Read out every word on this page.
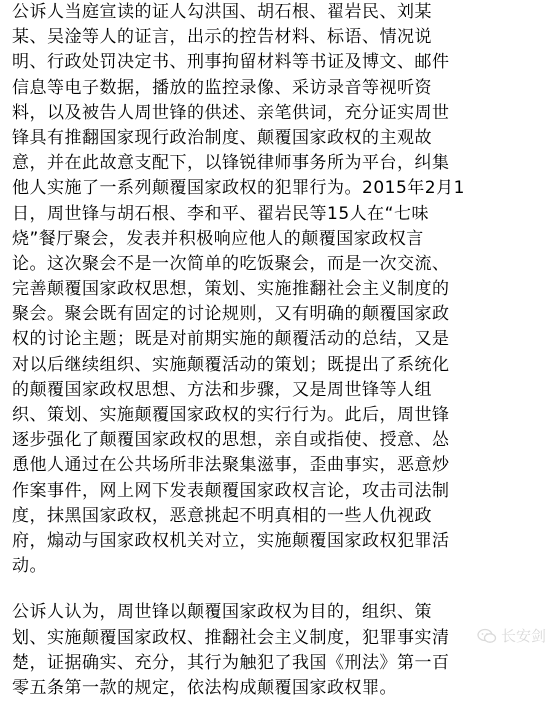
公诉人当庭宣读的证人勾洪国、胡石根、翟岩民、刘某
某、吴淦等人的证言，出示的控告材料、标语、情况说
明、行政处罚决定书、刑事拘留材料等书证及博文、邮件
信息等电子数据，播放的监控录像、采访录音等视听资
料，以及被告人周世锋的供述、亲笔供词，充分证实周世
锋具有推翻国家现行政治制度、颠覆国家政权的主观故
意，并在此故意支配下，以锋锐律师事务所为平台，纠集
他人实施了一系列颠覆国家政权的犯罪行为。2015年2月1
日，周世锋与胡石根、李和平、翟岩民等15人在“七味
烧”餐厅聚会，发表并积极响应他人的颠覆国家政权言
论。这次聚会不是一次简单的吃饭聚会，而是一次交流、
完善颠覆国家政权思想，策划、实施推翻社会主义制度的
聚会。聚会既有固定的讨论规则，又有明确的颠覆国家政
权的讨论主题；既是对前期实施的颠覆活动的总结，又是
对以后继续组织、实施颠覆活动的策划；既提出了系统化
的颠覆国家政权思想、方法和步骤，又是周世锋等人组
织、策划、实施颠覆国家政权的实行行为。此后，周世锋
逐步强化了颠覆国家政权的思想，亲自或指使、授意、怂
恿他人通过在公共场所非法聚集滋事，歪曲事实，恶意炒
作案事件，网上网下发表颠覆国家政权言论，攻击司法制
度，抹黑国家政权，恶意挑起不明真相的一些人仇视政
府，煽动与国家政权机关对立，实施颠覆国家政权犯罪活
动。

公诉人认为，周世锋以颠覆国家政权为目的，组织、策
划、实施颠覆国家政权、推翻社会主义制度，犯罪事实清
楚，证据确实、充分，其行为触犯了我国《刑法》第一百
零五条第一款的规定，依法构成颠覆国家政权罪。

长安剑
